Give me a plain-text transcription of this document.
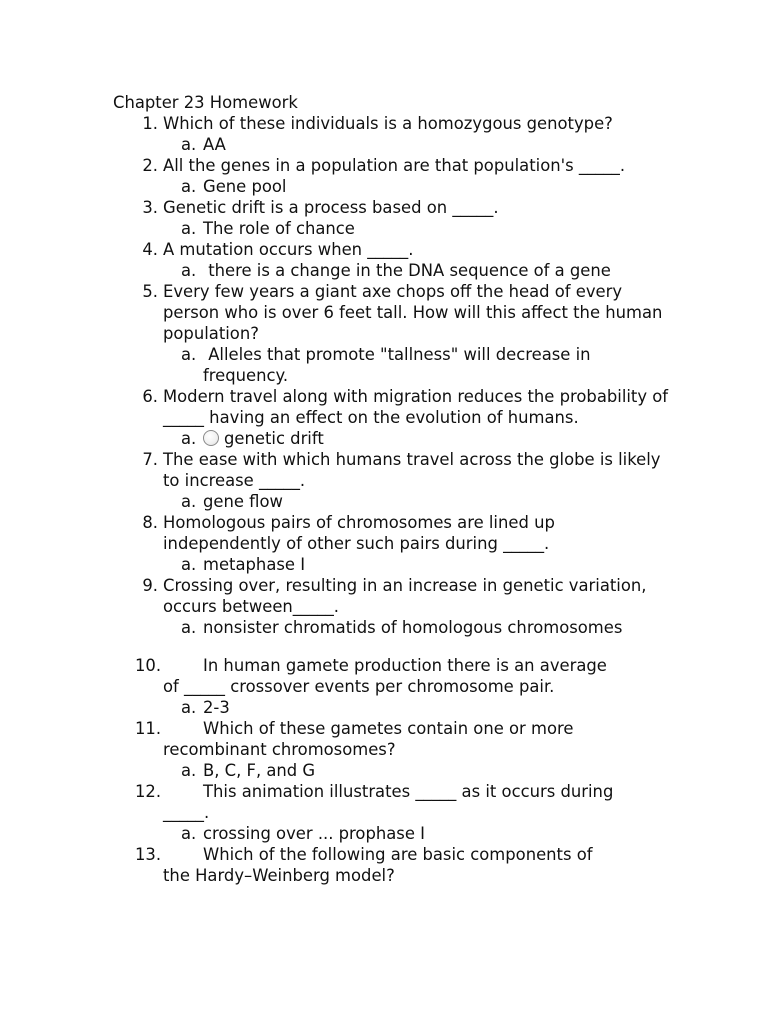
Chapter 23 Homework
1. Which of these individuals is a homozygous genotype?
a. AA
2. All the genes in a population are that population's _____.
a. Gene pool
3. Genetic drift is a process based on _____.
a. The role of chance
4. A mutation occurs when _____.
a. there is a change in the DNA sequence of a gene
5. Every few years a giant axe chops off the head of every person who is over 6 feet tall. How will this affect the human population?
a. Alleles that promote "tallness" will decrease in frequency.
6. Modern travel along with migration reduces the probability of _____ having an effect on the evolution of humans.
a.	genetic drift
7. The ease with which humans travel across the globe is likely to increase _____.
a. gene flow
8. Homologous pairs of chromosomes are lined up independently of other such pairs during _____.
a. metaphase I
9. Crossing over, resulting in an increase in genetic variation, occurs between_____.
a. nonsister chromatids of homologous chromosomes
10.	In human gamete production there is an average
of _____ crossover events per chromosome pair.
a. 2-3
11.	Which of these gametes contain one or more
recombinant chromosomes?
a. B, C, F, and G
12.	This animation illustrates _____ as it occurs during
_____.
a. crossing over ... prophase I
13.	Which of the following are basic components of
the Hardy–Weinberg model?
